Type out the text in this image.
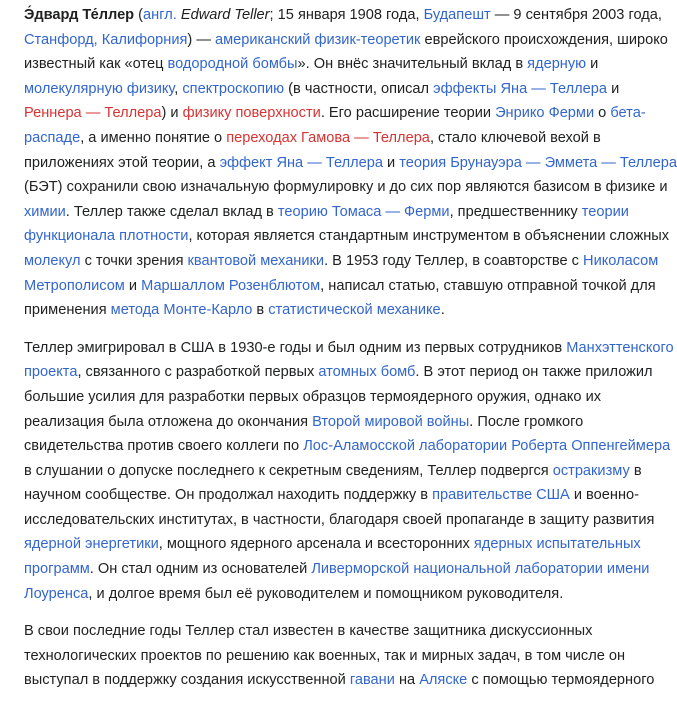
Э́двард Те́ллер (англ. Edward Teller; 15 января 1908 года, Будапешт — 9 сентября 2003 года,
Станфорд, Калифорния) — американский физик-теоретик еврейского происхождения, широко
известный как «отец водородной бомбы». Он внёс значительный вклад в ядерную и
молекулярную физику, спектроскопию (в частности, описал эффекты Яна — Теллера и
Реннера — Теллера) и физику поверхности. Его расширение теории Энрико Ферми о бета-
распаде, а именно понятие о переходах Гамова — Теллера, стало ключевой вехой в
приложениях этой теории, а эффект Яна — Теллера и теория Брунауэра — Эммета — Теллера
(БЭТ) сохранили свою изначальную формулировку и до сих пор являются базисом в физике и
химии. Теллер также сделал вклад в теорию Томаса — Ферми, предшественнику теории
функционала плотности, которая является стандартным инструментом в объяснении сложных
молекул с точки зрения квантовой механики. В 1953 году Теллер, в соавторстве с Николасом
Метрополисом и Маршаллом Розенблютом, написал статью, ставшую отправной точкой для
применения метода Монте-Карло в статистической механике.

Теллер эмигрировал в США в 1930-е годы и был одним из первых сотрудников Манхэттенского
проекта, связанного с разработкой первых атомных бомб. В этот период он также приложил
большие усилия для разработки первых образцов термоядерного оружия, однако их
реализация была отложена до окончания Второй мировой войны. После громкого
свидетельства против своего коллеги по Лос-Аламосской лаборатории Роберта Оппенгеймера
в слушании о допуске последнего к секретным сведениям, Теллер подвергся остракизму в
научном сообществе. Он продолжал находить поддержку в правительстве США и военно-
исследовательских институтах, в частности, благодаря своей пропаганде в защиту развития
ядерной энергетики, мощного ядерного арсенала и всесторонних ядерных испытательных
программ. Он стал одним из основателей Ливерморской национальной лаборатории имени
Лоуренса, и долгое время был её руководителем и помощником руководителя.

В свои последние годы Теллер стал известен в качестве защитника дискуссионных
технологических проектов по решению как военных, так и мирных задач, в том числе он
выступал в поддержку создания искусственной гавани на Аляске с помощью термоядерного
